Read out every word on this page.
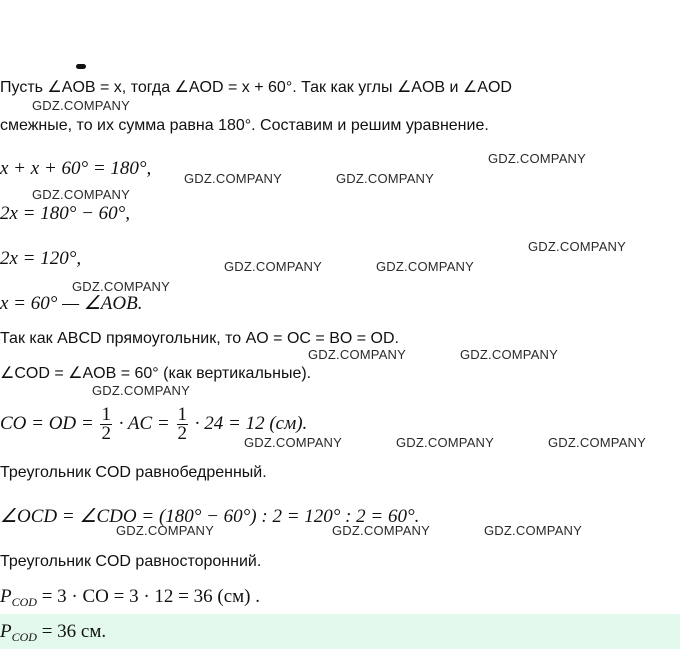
Пусть ∠AOB = x, тогда ∠AOD = x + 60°. Так как углы ∠AOB и ∠AOD
смежные, то их сумма равна 180°. Составим и решим уравнение.
x + x + 60° = 180°,
2x = 180° − 60°,
2x = 120°,
x = 60° — ∠AOB.
Так как ABCD прямоугольник, то AO = OC = BO = OD.
∠COD = ∠AOB = 60° (как вертикальные).
CO = OD = $\frac{1}{2}$ · AC = $\frac{1}{2} \cdot 24 = 12$ (см).
Треугольник COD равнобедренный.
∠OCD = ∠CDO = (180° − 60°) : 2 = 120° : 2 = 60°.
Треугольник COD равносторонний.
$P_{COD} = 3$ · CO = 3 · 12 = 36 (см) .
$P_{COD} = 36$ см.
GDZ.COMPANY
GDZ.COMPANY
GDZ.COMPANY	GDZ.COMPANY
GDZ.COMPANY
GDZ.COMPANY
GDZ.COMPANY	GDZ.COMPANY
GDZ.COMPANY
GDZ.COMPANY	GDZ.COMPANY
GDZ.COMPANY
GDZ.COMPANY	GDZ.COMPANY	GDZ.COMPANY
GDZ.COMPANY	GDZ.COMPANY	GDZ.COMPANY
